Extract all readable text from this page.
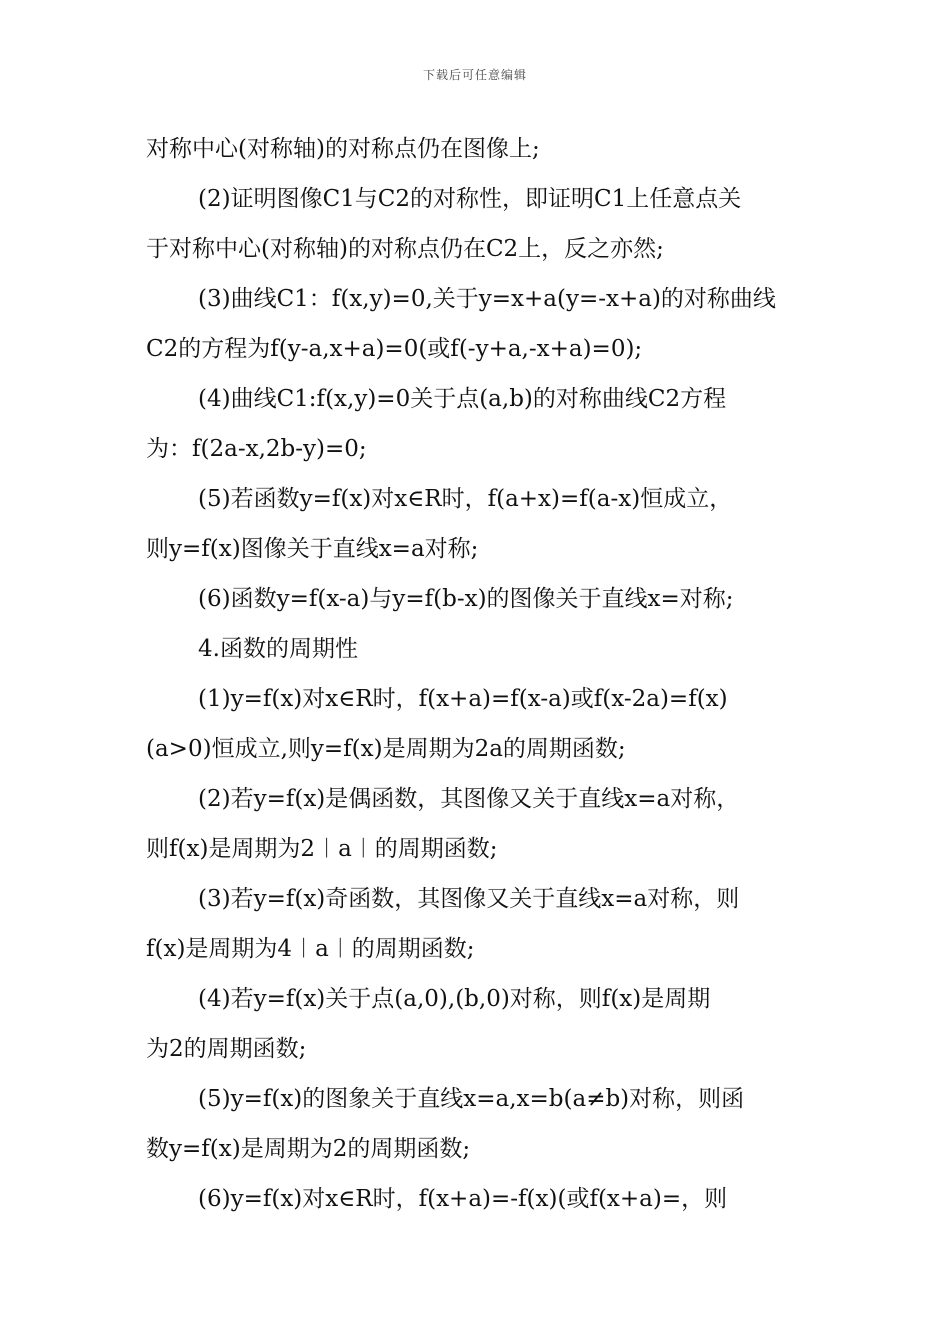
下载后可任意编辑
对称中心(对称轴)的对称点仍在图像上;
(2)证明图像C1与C2的对称性，即证明C1上任意点关
于对称中心(对称轴)的对称点仍在C2上，反之亦然;
(3)曲线C1：f(x,y)=0,关于y=x+a(y=-x+a)的对称曲线
C2的方程为f(y-a,x+a)=0(或f(-y+a,-x+a)=0);
(4)曲线C1:f(x,y)=0关于点(a,b)的对称曲线C2方程
为：f(2a-x,2b-y)=0;
(5)若函数y=f(x)对x∈R时，f(a+x)=f(a-x)恒成立，
则y=f(x)图像关于直线x=a对称;
(6)函数y=f(x-a)与y=f(b-x)的图像关于直线x=对称;
4.函数的周期性
(1)y=f(x)对x∈R时，f(x+a)=f(x-a)或f(x-2a)=f(x)
(a>0)恒成立,则y=f(x)是周期为2a的周期函数;
(2)若y=f(x)是偶函数，其图像又关于直线x=a对称，
则f(x)是周期为2︱a︱的周期函数;
(3)若y=f(x)奇函数，其图像又关于直线x=a对称，则
f(x)是周期为4︱a︱的周期函数;
(4)若y=f(x)关于点(a,0),(b,0)对称，则f(x)是周期
为2的周期函数;
(5)y=f(x)的图象关于直线x=a,x=b(a≠b)对称，则函
数y=f(x)是周期为2的周期函数;
(6)y=f(x)对x∈R时，f(x+a)=-f(x)(或f(x+a)=，则
